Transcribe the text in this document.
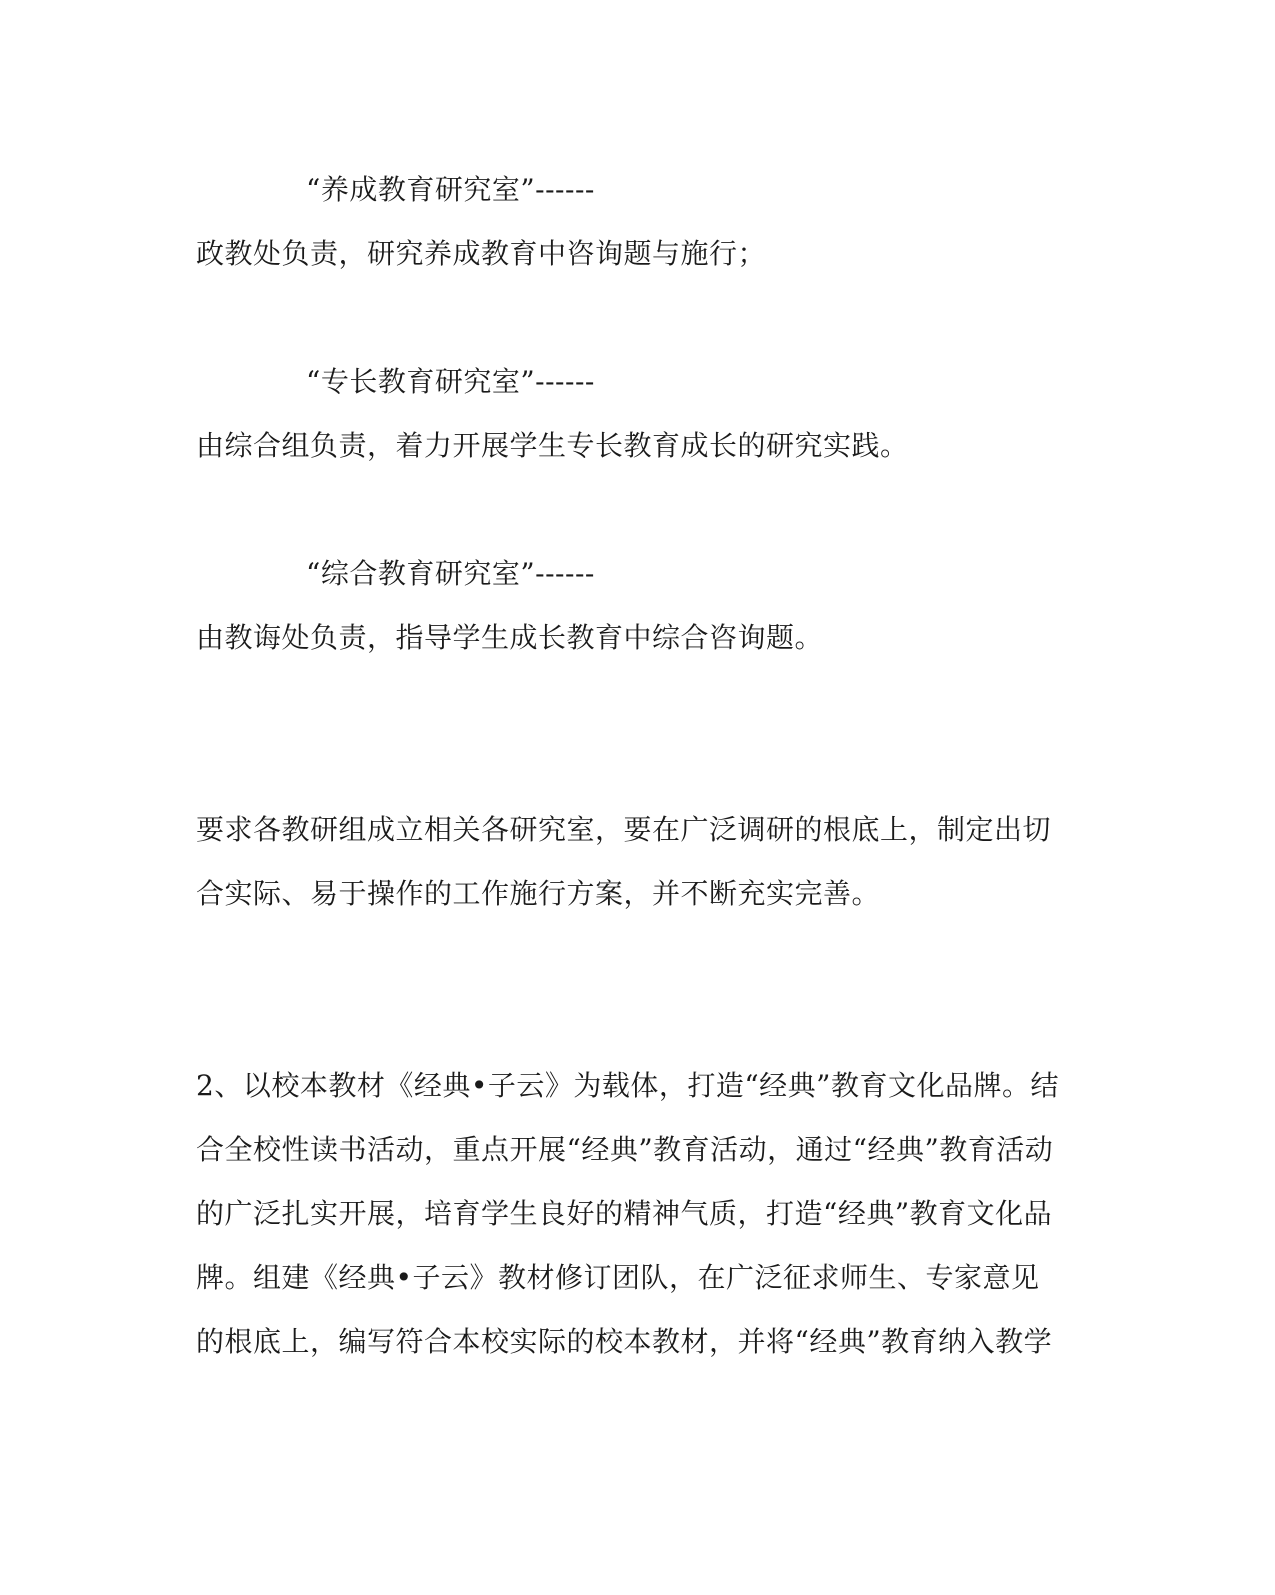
“养成教育研究室”------
政教处负责，研究养成教育中咨询题与施行；
“专长教育研究室”------
由综合组负责，着力开展学生专长教育成长的研究实践。
“综合教育研究室”------
由教诲处负责，指导学生成长教育中综合咨询题。
要求各教研组成立相关各研究室，要在广泛调研的根底上，制定出切
合实际、易于操作的工作施行方案，并不断充实完善。
2、以校本教材《经典•子云》为载体，打造“经典”教育文化品牌。结
合全校性读书活动，重点开展“经典”教育活动，通过“经典”教育活动
的广泛扎实开展，培育学生良好的精神气质，打造“经典”教育文化品
牌。组建《经典•子云》教材修订团队，在广泛征求师生、专家意见
的根底上，编写符合本校实际的校本教材，并将“经典”教育纳入教学
